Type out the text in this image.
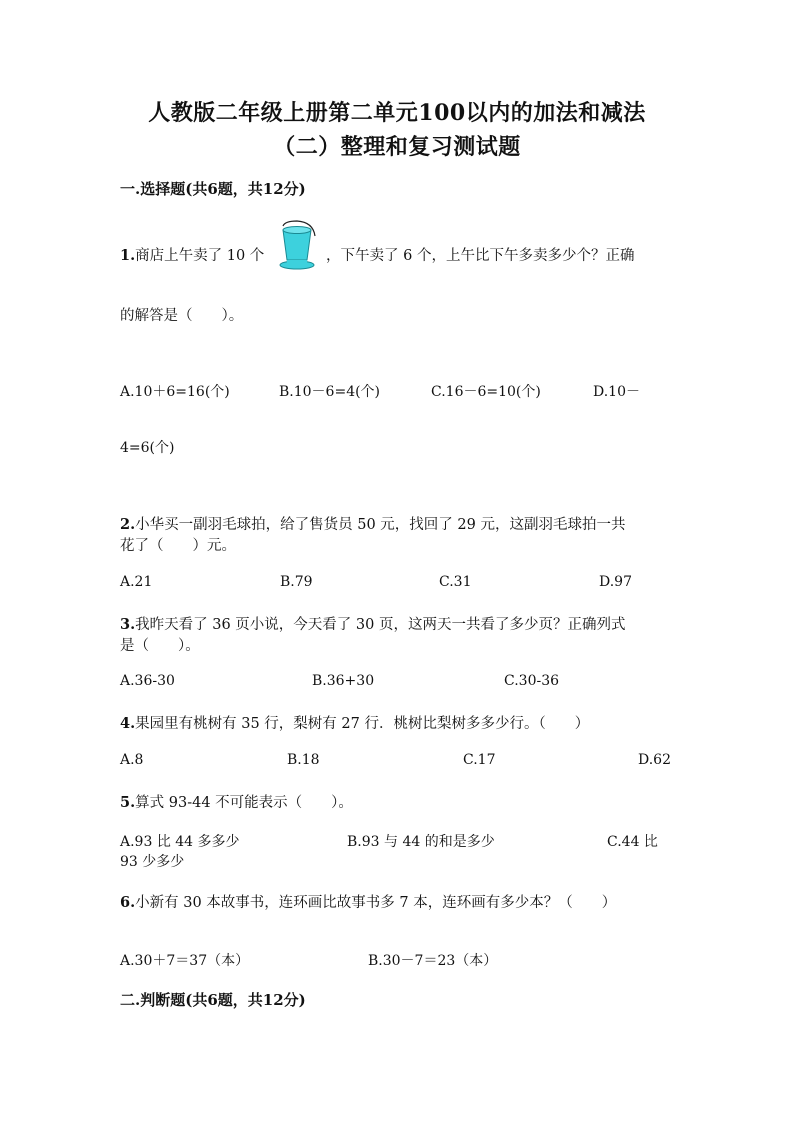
人教版二年级上册第二单元100以内的加法和减法
（二）整理和复习测试题
一.选择题(共6题，共12分)
1.商店上午卖了 10 个	，下午卖了 6 个，上午比下午多卖多少个？正确
的解答是（　　）。
A.10＋6=16(个)	B.10－6=4(个)	C.16－6=10(个)	D.10－
4=6(个)
2.小华买一副羽毛球拍，给了售货员 50 元，找回了 29 元，这副羽毛球拍一共
花了（　　）元。
A.21	B.79	C.31	D.97
3.我昨天看了 36 页小说，今天看了 30 页，这两天一共看了多少页？正确列式
是（　　）。
A.36-30	B.36+30	C.30-36
4.果园里有桃树有 35 行，梨树有 27 行．桃树比梨树多多少行。（　　）
A.8	B.18	C.17	D.62
5.算式 93-44 不可能表示（　　）。
A.93 比 44 多多少	B.93 与 44 的和是多少	C.44 比
93 少多少
6.小新有 30 本故事书，连环画比故事书多 7 本，连环画有多少本？（　　）
A.30＋7＝37（本）	B.30－7＝23（本）
二.判断题(共6题，共12分)
